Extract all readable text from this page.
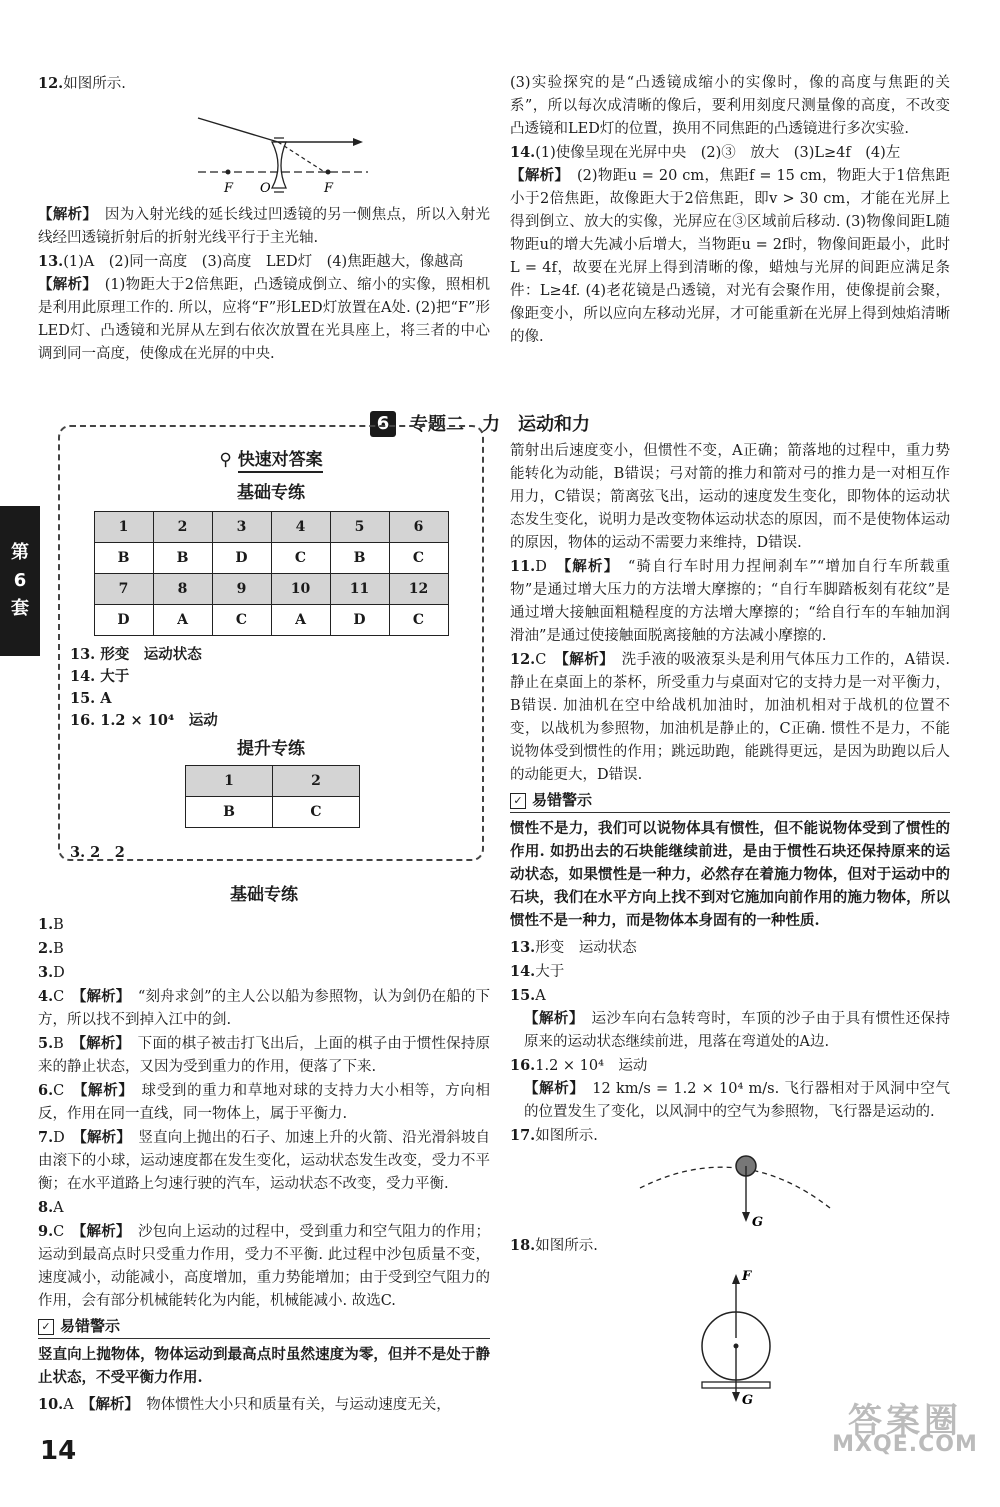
第
6
套

12.如图所示.

F O	F

【解析】　 因为入射光线的延长线过凹透镜的另一侧焦点，所以入射光线经凹透镜折射后的折射光线平行于主光轴.

13.(1)A　(2)同一高度　(3)高度　LED灯　(4)焦距越大，像越高

【解析】　 (1)物距大于2倍焦距，凸透镜成倒立、缩小的实像，照相机是利用此原理工作的. 所以，应将“F”形LED灯放置在A处. (2)把“F”形LED灯、凸透镜和光屏从左到右依次放置在光具座上，将三者的中心调到同一高度，使像成在光屏的中央.

6	专题二　力　运动和力
⚲ 快速对答案
基础专练
1	2	3	4	5	6
B	B	D	C	B	C
7	8	9	10	11	12
D	A	C	A	D	C
13. 形变　运动状态
14. 大于
15. A
16. 1.2 × 10⁴　运动
提升专练
1	2
B	C
3. 2　2
基础专练

1.B

2.B

3.D

4.C　 【解析】　 “刻舟求剑”的主人公以船为参照物，认为剑仍在船的下方，所以找不到掉入江中的剑.

5.B　 【解析】　 下面的棋子被击打飞出后，上面的棋子由于惯性保持原来的静止状态，又因为受到重力的作用，便落了下来.

6.C　 【解析】　 球受到的重力和草地对球的支持力大小相等，方向相反，作用在同一直线，同一物体上，属于平衡力.

7.D　 【解析】　 竖直向上抛出的石子、加速上升的火箭、沿光滑斜坡自由滚下的小球，运动速度都在发生变化，运动状态发生改变，受力不平衡；在水平道路上匀速行驶的汽车，运动状态不改变，受力平衡.

8.A

9.C　 【解析】　 沙包向上运动的过程中，受到重力和空气阻力的作用；运动到最高点时只受重力作用，受力不平衡. 此过程中沙包质量不变，速度减小，动能减小，高度增加，重力势能增加；由于受到空气阻力的作用，会有部分机械能转化为内能，机械能减小. 故选C.

✓ 易错警示

竖直向上抛物体，物体运动到最高点时虽然速度为零，但并不是处于静止状态，不受平衡力作用.

10.A　 【解析】　 物体惯性大小只和质量有关，与运动速度无关，

(3)实验探究的是“凸透镜成缩小的实像时，像的高度与焦距的关系”，所以每次成清晰的像后，要利用刻度尺测量像的高度，不改变凸透镜和LED灯的位置，换用不同焦距的凸透镜进行多次实验.

14.(1)使像呈现在光屏中央　(2)③　放大　(3)L≥4f　(4)左

【解析】　 (2)物距u = 20 cm，焦距f = 15 cm，物距大于1倍焦距小于2倍焦距，故像距大于2倍焦距，即v > 30 cm，才能在光屏上得到倒立、放大的实像，光屏应在③区域前后移动. (3)物像间距L随物距u的增大先减小后增大，当物距u = 2f时，物像间距最小，此时L = 4f，故要在光屏上得到清晰的像，蜡烛与光屏的间距应满足条件：L≥4f. (4)老花镜是凸透镜，对光有会聚作用，使像提前会聚，像距变小，所以应向左移动光屏，才可能重新在光屏上得到烛焰清晰的像.

箭射出后速度变小，但惯性不变，A正确；箭落地的过程中，重力势能转化为动能，B错误；弓对箭的推力和箭对弓的推力是一对相互作用力，C错误；箭离弦飞出，运动的速度发生变化，即物体的运动状态发生变化，说明力是改变物体运动状态的原因，而不是使物体运动的原因，物体的运动不需要力来维持，D错误.

11.D　 【解析】　 “骑自行车时用力捏闸刹车”“增加自行车所载重物”是通过增大压力的方法增大摩擦的；“自行车脚踏板刻有花纹”是通过增大接触面粗糙程度的方法增大摩擦的；“给自行车的车轴加润滑油”是通过使接触面脱离接触的方法减小摩擦的.

12.C　 【解析】　 洗手液的吸液泵头是利用气体压力工作的，A错误. 静止在桌面上的茶杯，所受重力与桌面对它的支持力是一对平衡力，B错误. 加油机在空中给战机加油时，加油机相对于战机的位置不变，以战机为参照物，加油机是静止的，C正确. 惯性不是力，不能说物体受到惯性的作用；跳远助跑，能跳得更远，是因为助跑以后人的动能更大，D错误.

✓ 易错警示

惯性不是力，我们可以说物体具有惯性，但不能说物体受到了惯性的作用. 如扔出去的石块能继续前进，是由于惯性石块还保持原来的运动状态，如果惯性是一种力，必然存在着施力物体，但对于运动中的石块，我们在水平方向上找不到对它施加向前作用的施力物体，所以惯性不是一种力，而是物体本身固有的一种性质.

13.形变　运动状态

14.大于

15.A

【解析】　 运沙车向右急转弯时，车顶的沙子由于具有惯性还保持原来的运动状态继续前进，甩落在弯道处的A边.

16.1.2 × 10⁴　运动

【解析】　 12 km/s = 1.2 × 10⁴ m/s. 飞行器相对于风洞中空气的位置发生了变化，以风洞中的空气为参照物，飞行器是运动的.

17.如图所示.

G

18.如图所示.

F
G
14
答案圈
MXQE.COM
